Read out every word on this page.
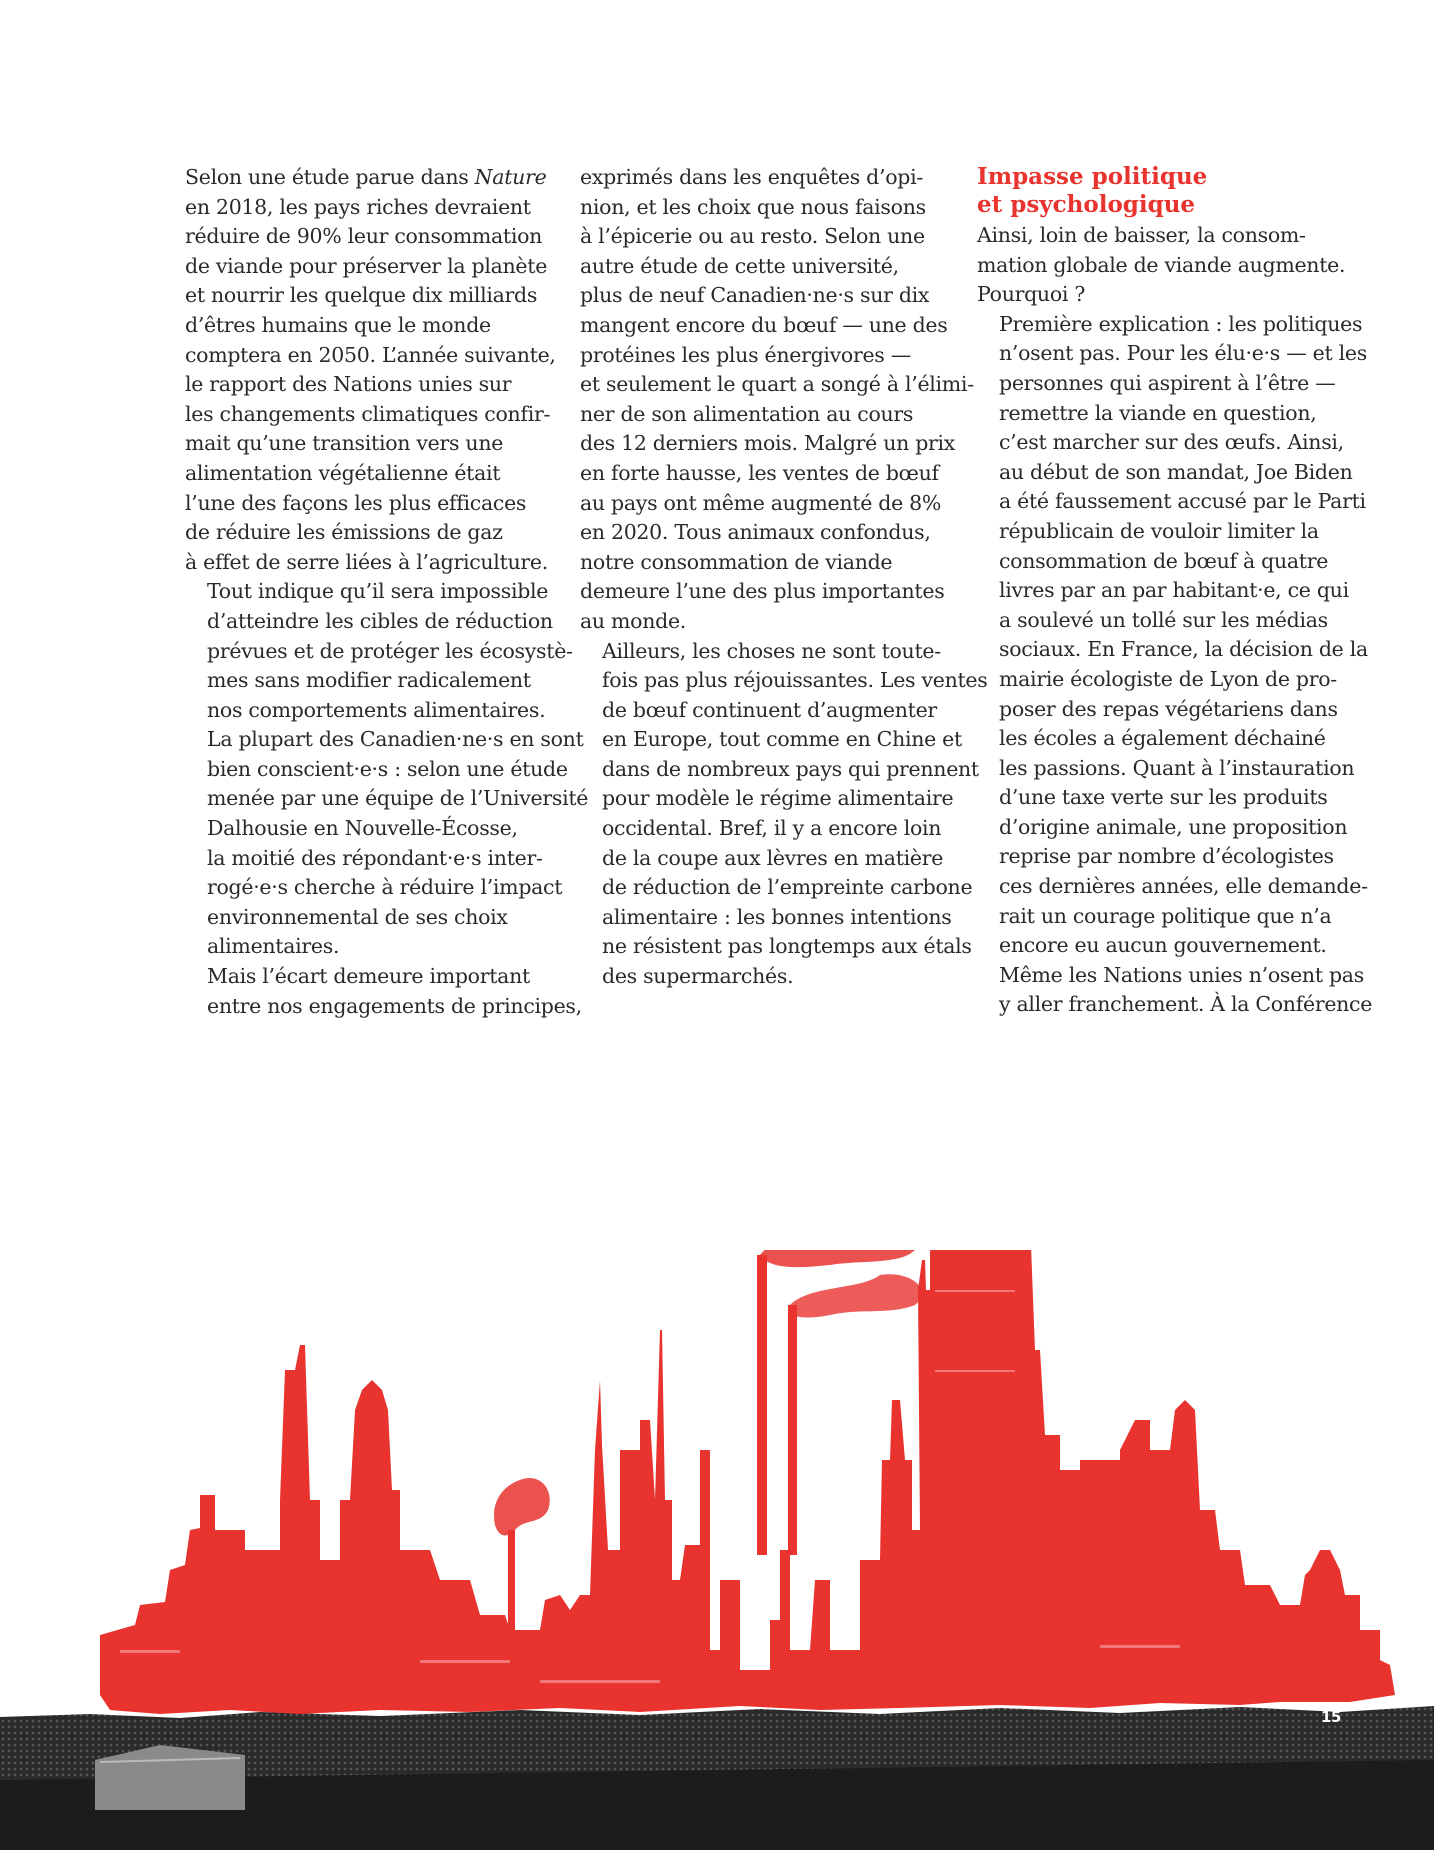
Selon une étude parue dans Nature
en 2018, les pays riches devraient
réduire de 90% leur consommation
de viande pour préserver la planète
et nourrir les quelque dix milliards
d’êtres humains que le monde
comptera en 2050. L’année suivante,
le rapport des Nations unies sur
les changements climatiques confir-
mait qu’une transition vers une
alimentation végétalienne était
l’une des façons les plus efficaces
de réduire les émissions de gaz
à effet de serre liées à l’agriculture.

Tout indique qu’il sera impossible
d’atteindre les cibles de réduction
prévues et de protéger les écosystè-
mes sans modifier radicalement
nos comportements alimentaires.
La plupart des Canadien·ne·s en sont
bien conscient·e·s : selon une étude
menée par une équipe de l’Université
Dalhousie en Nouvelle-Écosse,
la moitié des répondant·e·s inter-
rogé·e·s cherche à réduire l’impact
environnemental de ses choix
alimentaires.

Mais l’écart demeure important
entre nos engagements de principes,

exprimés dans les enquêtes d’opi-
nion, et les choix que nous faisons
à l’épicerie ou au resto. Selon une
autre étude de cette université,
plus de neuf Canadien·ne·s sur dix
mangent encore du bœuf — une des
protéines les plus énergivores —
et seulement le quart a songé à l’élimi-
ner de son alimentation au cours
des 12 derniers mois. Malgré un prix
en forte hausse, les ventes de bœuf
au pays ont même augmenté de 8%
en 2020. Tous animaux confondus,
notre consommation de viande
demeure l’une des plus importantes
au monde.

Ailleurs, les choses ne sont toute-
fois pas plus réjouissantes. Les ventes
de bœuf continuent d’augmenter
en Europe, tout comme en Chine et
dans de nombreux pays qui prennent
pour modèle le régime alimentaire
occidental. Bref, il y a encore loin
de la coupe aux lèvres en matière
de réduction de l’empreinte carbone
alimentaire : les bonnes intentions
ne résistent pas longtemps aux étals
des supermarchés.

Impasse politique
et psychologique

Ainsi, loin de baisser, la consom-
mation globale de viande augmente.
Pourquoi ?

Première explication : les politiques
n’osent pas. Pour les élu·e·s — et les
personnes qui aspirent à l’être —
remettre la viande en question,
c’est marcher sur des œufs. Ainsi,
au début de son mandat, Joe Biden
a été faussement accusé par le Parti
républicain de vouloir limiter la
consommation de bœuf à quatre
livres par an par habitant·e, ce qui
a soulevé un tollé sur les médias
sociaux. En France, la décision de la
mairie écologiste de Lyon de pro-
poser des repas végétariens dans
les écoles a également déchainé
les passions. Quant à l’instauration
d’une taxe verte sur les produits
d’origine animale, une proposition
reprise par nombre d’écologistes
ces dernières années, elle demande-
rait un courage politique que n’a
encore eu aucun gouvernement.
Même les Nations unies n’osent pas
y aller franchement. À la Conférence

15
